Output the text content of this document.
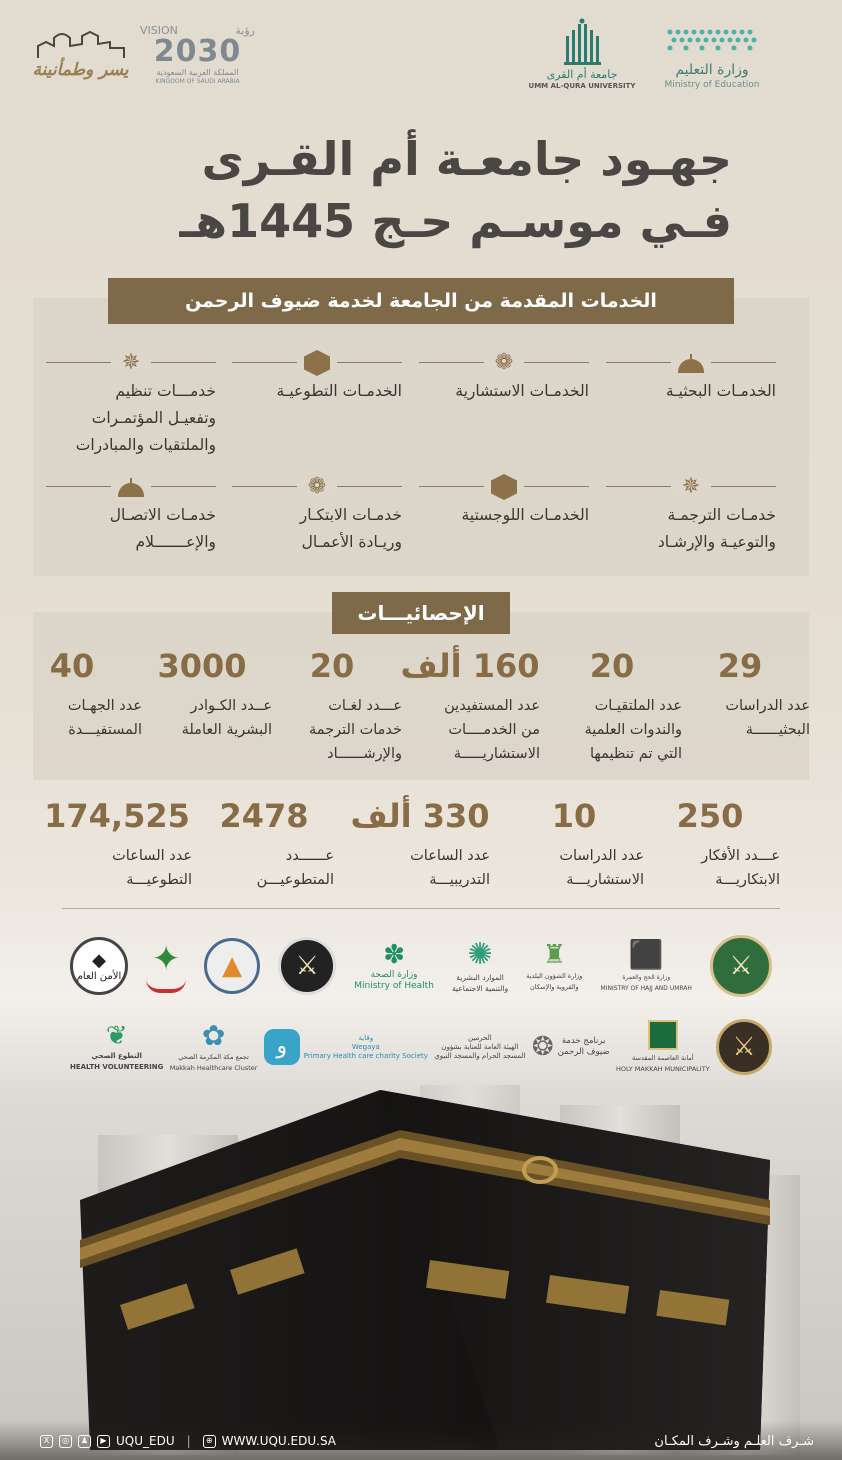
وزارة التعليم
Ministry of Education
جامعة أم القرى
UMM AL-QURA UNIVERSITY
VISION	رؤية
2030
المملكة العربية السعودية
KINGDOM OF SAUDI ARABIA
يسر وطمأنينة
جهـود جامعـة أم القـرى
فـي موسـم حـج 1445هـ
الخدمات المقدمة من الجامعة لخدمة ضيوف الرحمن
الخدمـات البحثيـة
❁
الخدمـات الاستشارية
الخدمـات التطوعيـة
✵
خدمـــات تنظيم
وتفعيـل المؤتمـرات
والملتقيات والمبادرات
✵
خدمـات الترجمـة
والتوعيـة والإرشـاد
الخدمـات اللوجستية
❁
خدمـات الابتكـار
وريـادة الأعمـال
خدمـات الاتصـال
والإعـــــــلام
الإحصائيـــات
29
عدد الدراسات
البحثيــــــة
20
عدد الملتقيـات
والندوات العلمية
التي تم تنظيمها
160 ألف
عدد المستفيدين
من الخدمــــات
الاستشاريـــــة
20
عـــدد لغـات
خدمات الترجمة
والإرشــــــاد
3000
عــدد الكـوادر
البشرية العاملة
40
عدد الجهـات
المستفيـــدة
250
عـــدد الأفكار
الابتكاريـــة
10
عدد الدراسات
الاستشاريـــة
330 ألف
عدد الساعات
التدريبيـــة
2478
عــــــدد
المتطوعيـــن
174,525
عدد الساعات
التطوعيـــة
⚔
⬛
وزارة الحج والعمرة
MINISTRY OF HAJJ AND UMRAH
♜
وزارة الشؤون البلدية
والقروية والإسكان
✺
الموارد البشرية
والتنمية الاجتماعية
✽
وزارة الصحة
Ministry of Health
⚔
▲
✦
◆
الأمن العام
⚔
أمانة العاصمة المقدسة
HOLY MAKKAH MUNICIPALITY
برنامج خدمة
ضيوف الرحمن
❂
الحرمين
الهيئة العامة للعناية بشؤون
المسجد الحرام والمسجد النبوي
وقاية
Wegaya
Primary Health care charity Society
ﻭ
✿
تجمع مكة المكرمة الصحي
Makkah Healthcare Cluster
❦
التطوع الصحي
HEALTH VOLUNTEERING
شـرف العلـم وشـرف المكـان
X	◎	♟	▶ UQU_EDU |	⊕ WWW.UQU.EDU.SA
